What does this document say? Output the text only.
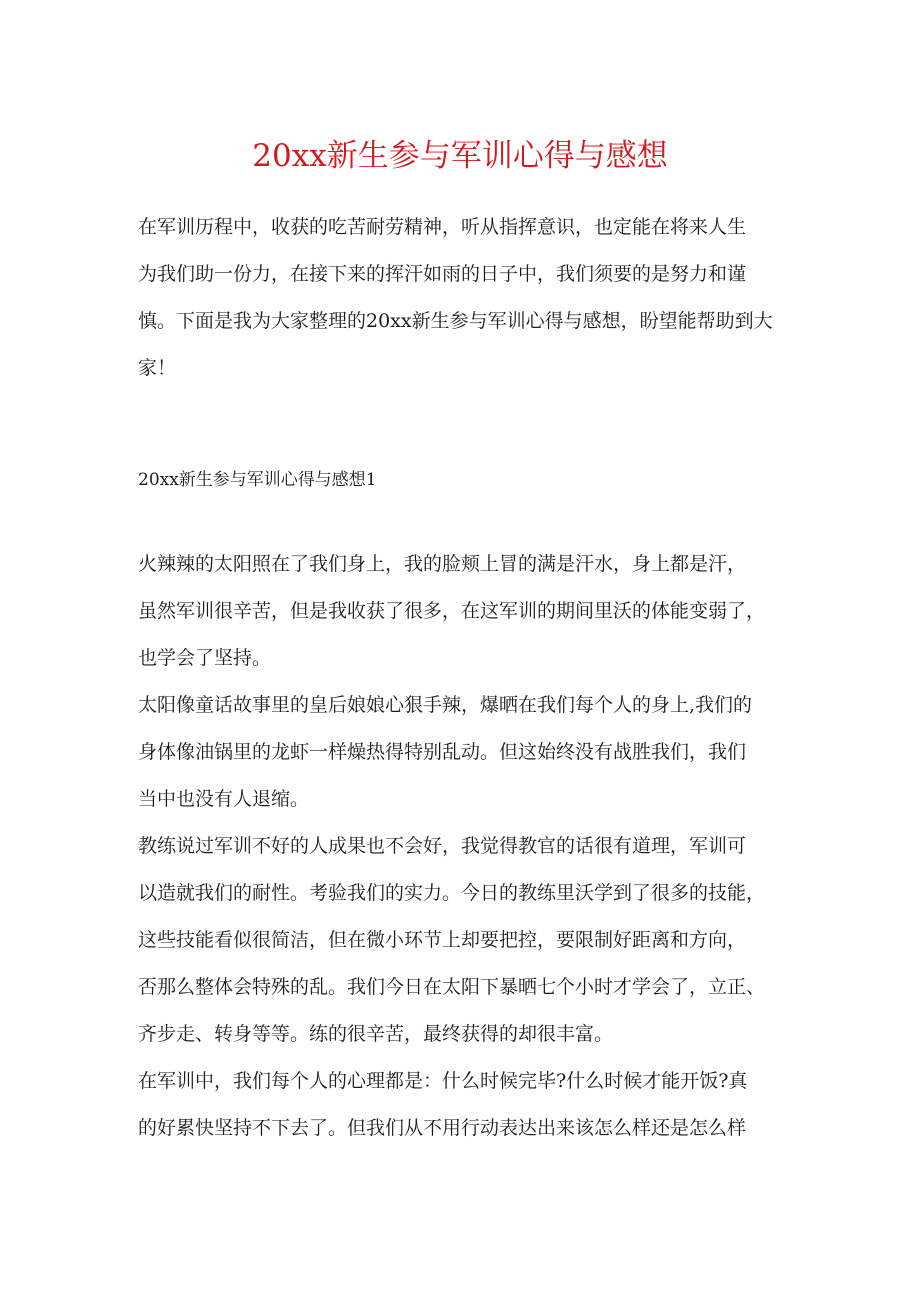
20xx新生参与军训心得与感想
在军训历程中，收获的吃苦耐劳精神，听从指挥意识，也定能在将来人生
为我们助一份力，在接下来的挥汗如雨的日子中，我们须要的是努力和谨
慎。下面是我为大家整理的20xx新生参与军训心得与感想，盼望能帮助到大
家！

20xx新生参与军训心得与感想1

火辣辣的太阳照在了我们身上，我的脸颊上冒的满是汗水，身上都是汗，
虽然军训很辛苦，但是我收获了很多，在这军训的期间里沃的体能变弱了，
也学会了坚持。
太阳像童话故事里的皇后娘娘心狠手辣，爆晒在我们每个人的身上,我们的
身体像油锅里的龙虾一样燥热得特别乱动。但这始终没有战胜我们，我们
当中也没有人退缩。
教练说过军训不好的人成果也不会好，我觉得教官的话很有道理，军训可
以造就我们的耐性。考验我们的实力。今日的教练里沃学到了很多的技能，
这些技能看似很简洁，但在微小环节上却要把控，要限制好距离和方向，
否那么整体会特殊的乱。我们今日在太阳下暴晒七个小时才学会了，立正、
齐步走、转身等等。练的很辛苦，最终获得的却很丰富。
在军训中，我们每个人的心理都是：什么时候完毕?什么时候才能开饭?真
的好累快坚持不下去了。但我们从不用行动表达出来该怎么样还是怎么样
